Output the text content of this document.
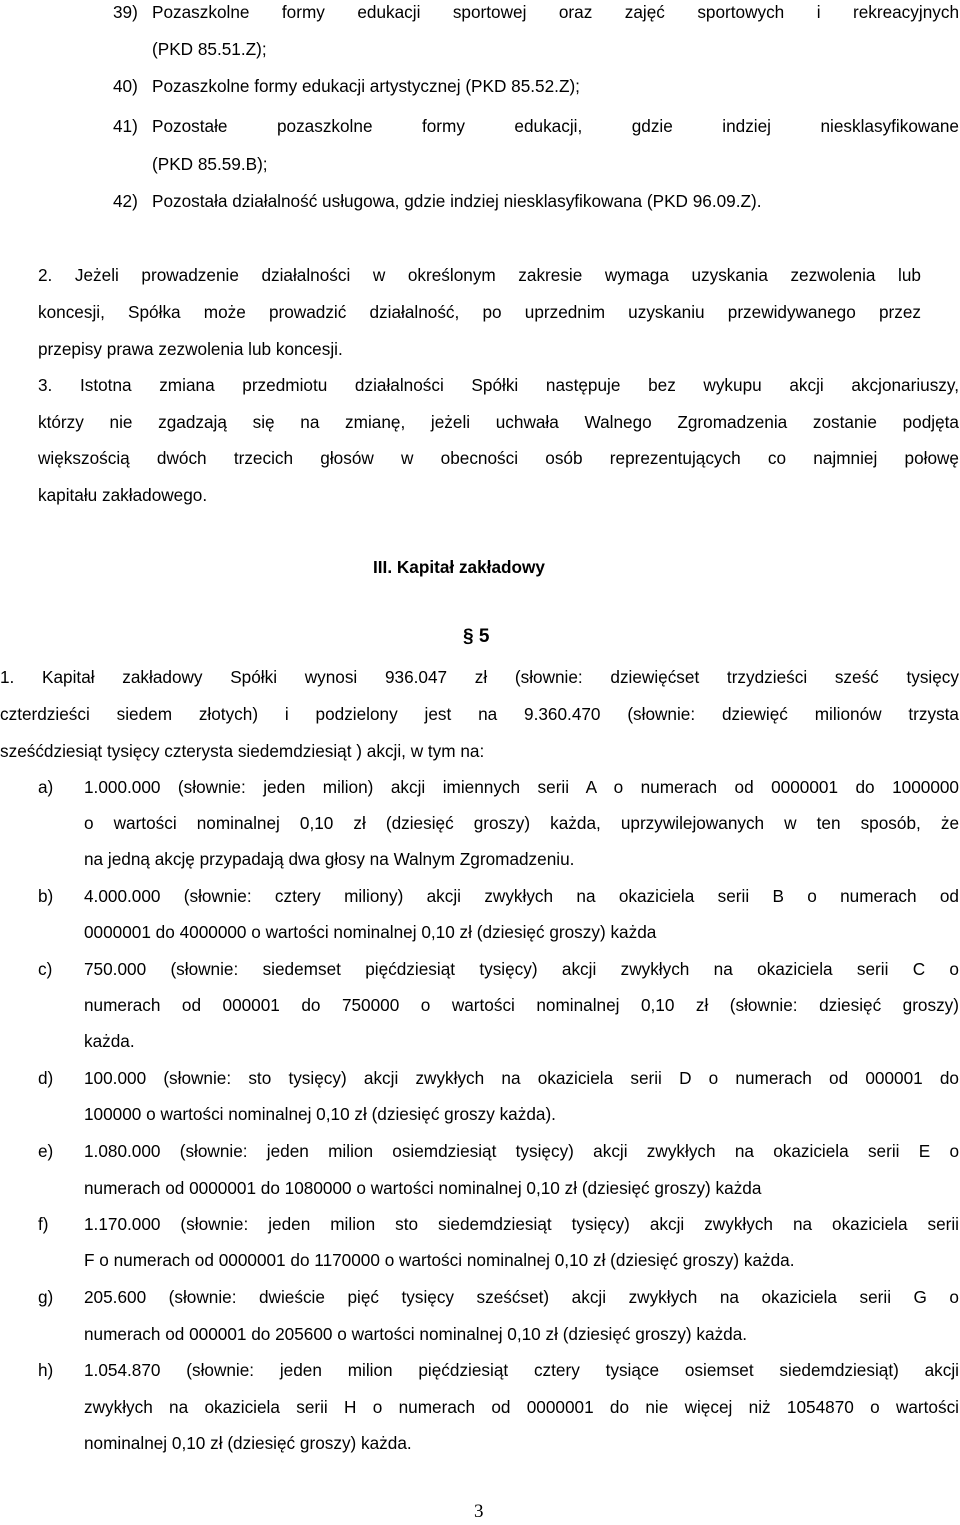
39) Pozaszkolne formy edukacji sportowej oraz zajęć sportowych i rekreacyjnych
(PKD 85.51.Z);
40) Pozaszkolne formy edukacji artystycznej (PKD 85.52.Z);
41) Pozostałe pozaszkolne formy edukacji, gdzie indziej niesklasyfikowane
(PKD 85.59.B);
42) Pozostała działalność usługowa, gdzie indziej niesklasyfikowana (PKD 96.09.Z).
2. Jeżeli prowadzenie działalności w określonym zakresie wymaga uzyskania zezwolenia lub
koncesji, Spółka może prowadzić działalność, po uprzednim uzyskaniu przewidywanego przez
przepisy prawa zezwolenia lub koncesji.
3. Istotna zmiana przedmiotu działalności Spółki następuje bez wykupu akcji akcjonariuszy,
którzy nie zgadzają się na zmianę, jeżeli uchwała Walnego Zgromadzenia zostanie podjęta
większością dwóch trzecich głosów w obecności osób reprezentujących co najmniej połowę
kapitału zakładowego.
III. Kapitał zakładowy
§ 5
1. Kapitał zakładowy Spółki wynosi 936.047 zł (słownie: dziewięćset trzydzieści sześć tysięcy
czterdzieści siedem złotych) i podzielony jest na 9.360.470 (słownie: dziewięć milionów trzysta
sześćdziesiąt tysięcy czterysta siedemdziesiąt ) akcji, w tym na:
a) 1.000.000 (słownie: jeden milion) akcji imiennych serii A o numerach od 0000001 do 1000000
o wartości nominalnej 0,10 zł (dziesięć groszy) każda, uprzywilejowanych w ten sposób, że
na jedną akcję przypadają dwa głosy na Walnym Zgromadzeniu.
b) 4.000.000 (słownie: cztery miliony) akcji zwykłych na okaziciela serii B o numerach od
0000001 do 4000000 o wartości nominalnej 0,10 zł (dziesięć groszy) każda
c) 750.000 (słownie: siedemset pięćdziesiąt tysięcy) akcji zwykłych na okaziciela serii C o
numerach od 000001 do 750000 o wartości nominalnej 0,10 zł (słownie: dziesięć groszy)
każda.
d) 100.000 (słownie: sto tysięcy) akcji zwykłych na okaziciela serii D o numerach od 000001 do
100000 o wartości nominalnej 0,10 zł (dziesięć groszy każda).
e) 1.080.000 (słownie: jeden milion osiemdziesiąt tysięcy) akcji zwykłych na okaziciela serii E o
numerach od 0000001 do 1080000 o wartości nominalnej 0,10 zł (dziesięć groszy) każda
f) 1.170.000 (słownie: jeden milion sto siedemdziesiąt tysięcy) akcji zwykłych na okaziciela serii
F o numerach od 0000001 do 1170000 o wartości nominalnej 0,10 zł (dziesięć groszy) każda.
g) 205.600 (słownie: dwieście pięć tysięcy sześćset) akcji zwykłych na okaziciela serii G o
numerach od 000001 do 205600 o wartości nominalnej 0,10 zł (dziesięć groszy) każda.
h) 1.054.870 (słownie: jeden milion pięćdziesiąt cztery tysiące osiemset siedemdziesiąt) akcji
zwykłych na okaziciela serii H o numerach od 0000001 do nie więcej niż 1054870 o wartości
nominalnej 0,10 zł (dziesięć groszy) każda.
3
